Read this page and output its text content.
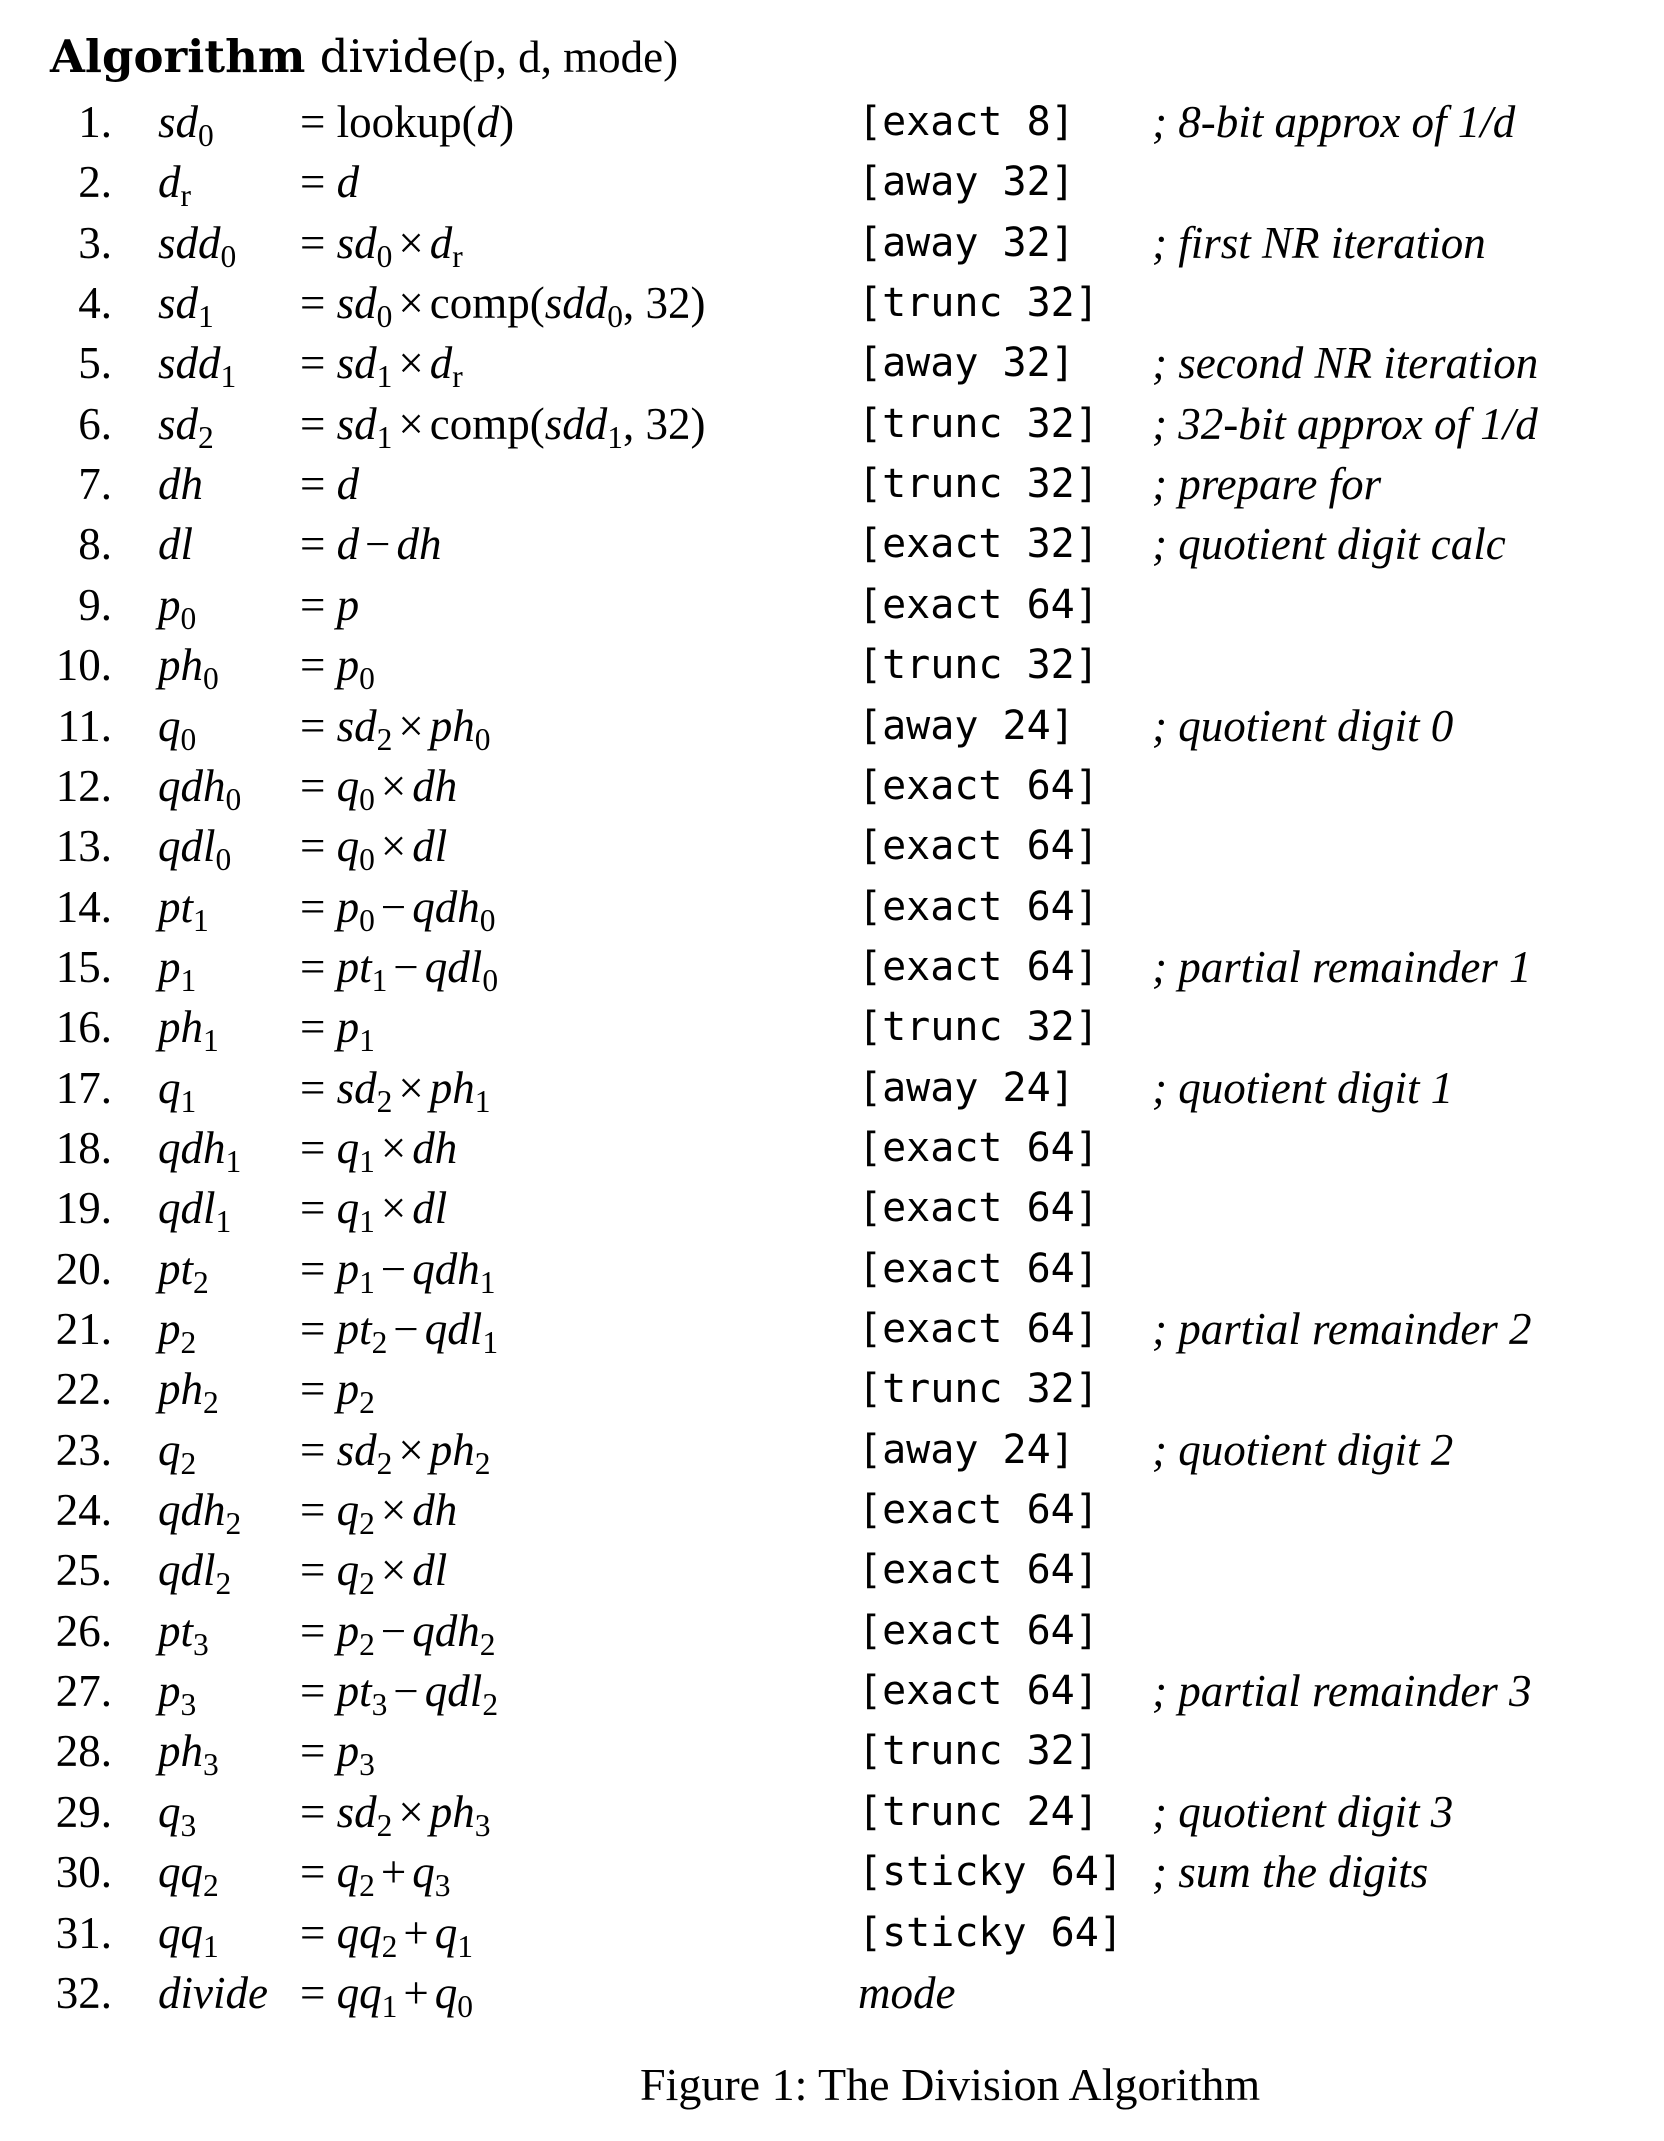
Algorithm divide(p, d, mode)
1. $sd_0$ = lookup(d)	[exact 8] ; 8-bit approx of 1/d
2. $d_r = d$	[away 32]
3. $sdd_0 = sd_0 \times d_r$	[away 32] ; first NR iteration
4. $sd_1 = sd_0$ × comp(sdd$_0$, 32)	[trunc 32]
5. $sdd_1 = sd_1 \times d_r$	[away 32] ; second NR iteration
6. $sd_2 = sd_1$ × comp(sdd$_1$, 32)	[trunc 32] ; 32-bit approx of 1/d
7. dh = d	[trunc 32] ; prepare for
8. dl = d − dh	[exact 32] ; quotient digit calc
9. $p_0 = p$	[exact 64]
10. $ph_0 = p_0$	[trunc 32]
11. $q_0 = sd_2 \times ph_0$	[away 24] ; quotient digit 0
12. $qdh_0 = q_0$ × dh	[exact 64]
13. $qdl_0 = q_0$ × dl	[exact 64]
14. $pt_1 = p_0 - qdh_0$	[exact 64]
15. $p_1 = pt_1 - qdl_0$	[exact 64] ; partial remainder 1
16. $ph_1 = p_1$	[trunc 32]
17. $q_1 = sd_2 \times ph_1$	[away 24] ; quotient digit 1
18. $qdh_1 = q_1$ × dh	[exact 64]
19. $qdl_1 = q_1$ × dl	[exact 64]
20. $pt_2 = p_1 - qdh_1$	[exact 64]
21. $p_2 = pt_2 - qdl_1$	[exact 64] ; partial remainder 2
22. $ph_2 = p_2$	[trunc 32]
23. $q_2 = sd_2 \times ph_2$	[away 24] ; quotient digit 2
24. $qdh_2 = q_2$ × dh	[exact 64]
25. $qdl_2 = q_2$ × dl	[exact 64]
26. $pt_3 = p_2 - qdh_2$	[exact 64]
27. $p_3 = pt_3 - qdl_2$	[exact 64] ; partial remainder 3
28. $ph_3 = p_3$	[trunc 32]
29. $q_3 = sd_2 \times ph_3$	[trunc 24] ; quotient digit 3
30. $qq_2 = q_2 + q_3$	[sticky 64] ; sum the digits
31. $qq_1 = qq_2 + q_1$	[sticky 64]
32. divide = $qq_1 + q_0$	mode
Figure 1: The Division Algorithm
